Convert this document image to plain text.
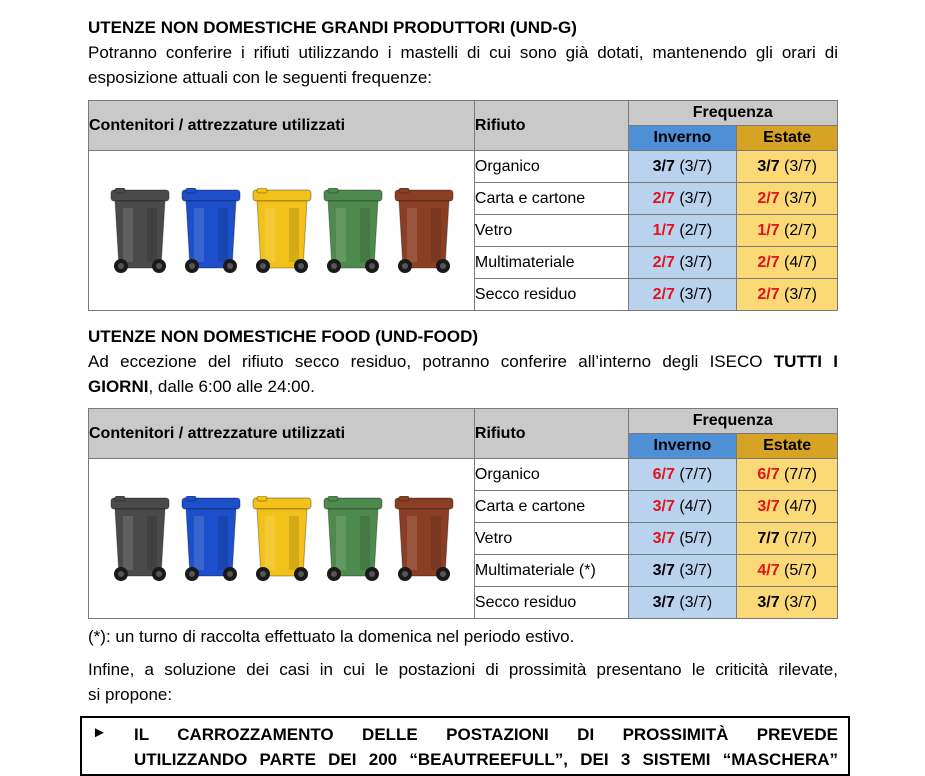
UTENZE NON DOMESTICHE GRANDI PRODUTTORI (UND-G)
Potranno conferire i rifiuti utilizzando i mastelli di cui sono già dotati, mantenendo gli orari di
esposizione attuali con le seguenti frequenze:
Contenitori / attrezzature utilizzati	Rifiuto	Frequenza	
		Inverno	Estate

	Organico	3/7 (3/7)	3/7 (3/7)
	Carta e cartone	2/7 (3/7)	2/7 (3/7)
	Vetro	1/7 (2/7)	1/7 (2/7)
	Multimateriale	2/7 (3/7)	2/7 (4/7)
	Secco residuo	2/7 (3/7)	2/7 (3/7)
UTENZE NON DOMESTICHE FOOD (UND-FOOD)
Ad eccezione del rifiuto secco residuo, potranno conferire all’interno degli ISECO TUTTI I
GIORNI, dalle 6:00 alle 24:00.
Contenitori / attrezzature utilizzati	Rifiuto	Frequenza	
		Inverno	Estate

	Organico	6/7 (7/7)	6/7 (7/7)
	Carta e cartone	3/7 (4/7)	3/7 (4/7)
	Vetro	3/7 (5/7)	7/7 (7/7)
	Multimateriale (*)	3/7 (3/7)	4/7 (5/7)
	Secco residuo	3/7 (3/7)	3/7 (3/7)
(*): un turno di raccolta effettuato la domenica nel periodo estivo.
Infine, a soluzione dei casi in cui le postazioni di prossimità presentano le criticità rilevate,
si propone:
► IL CARROZZAMENTO DELLE POSTAZIONI DI PROSSIMITÀ PREVEDE
UTILIZZANDO PARTE DEI 200 “BEAUTREEFULL”, DEI 3 SISTEMI “MASCHERA”
